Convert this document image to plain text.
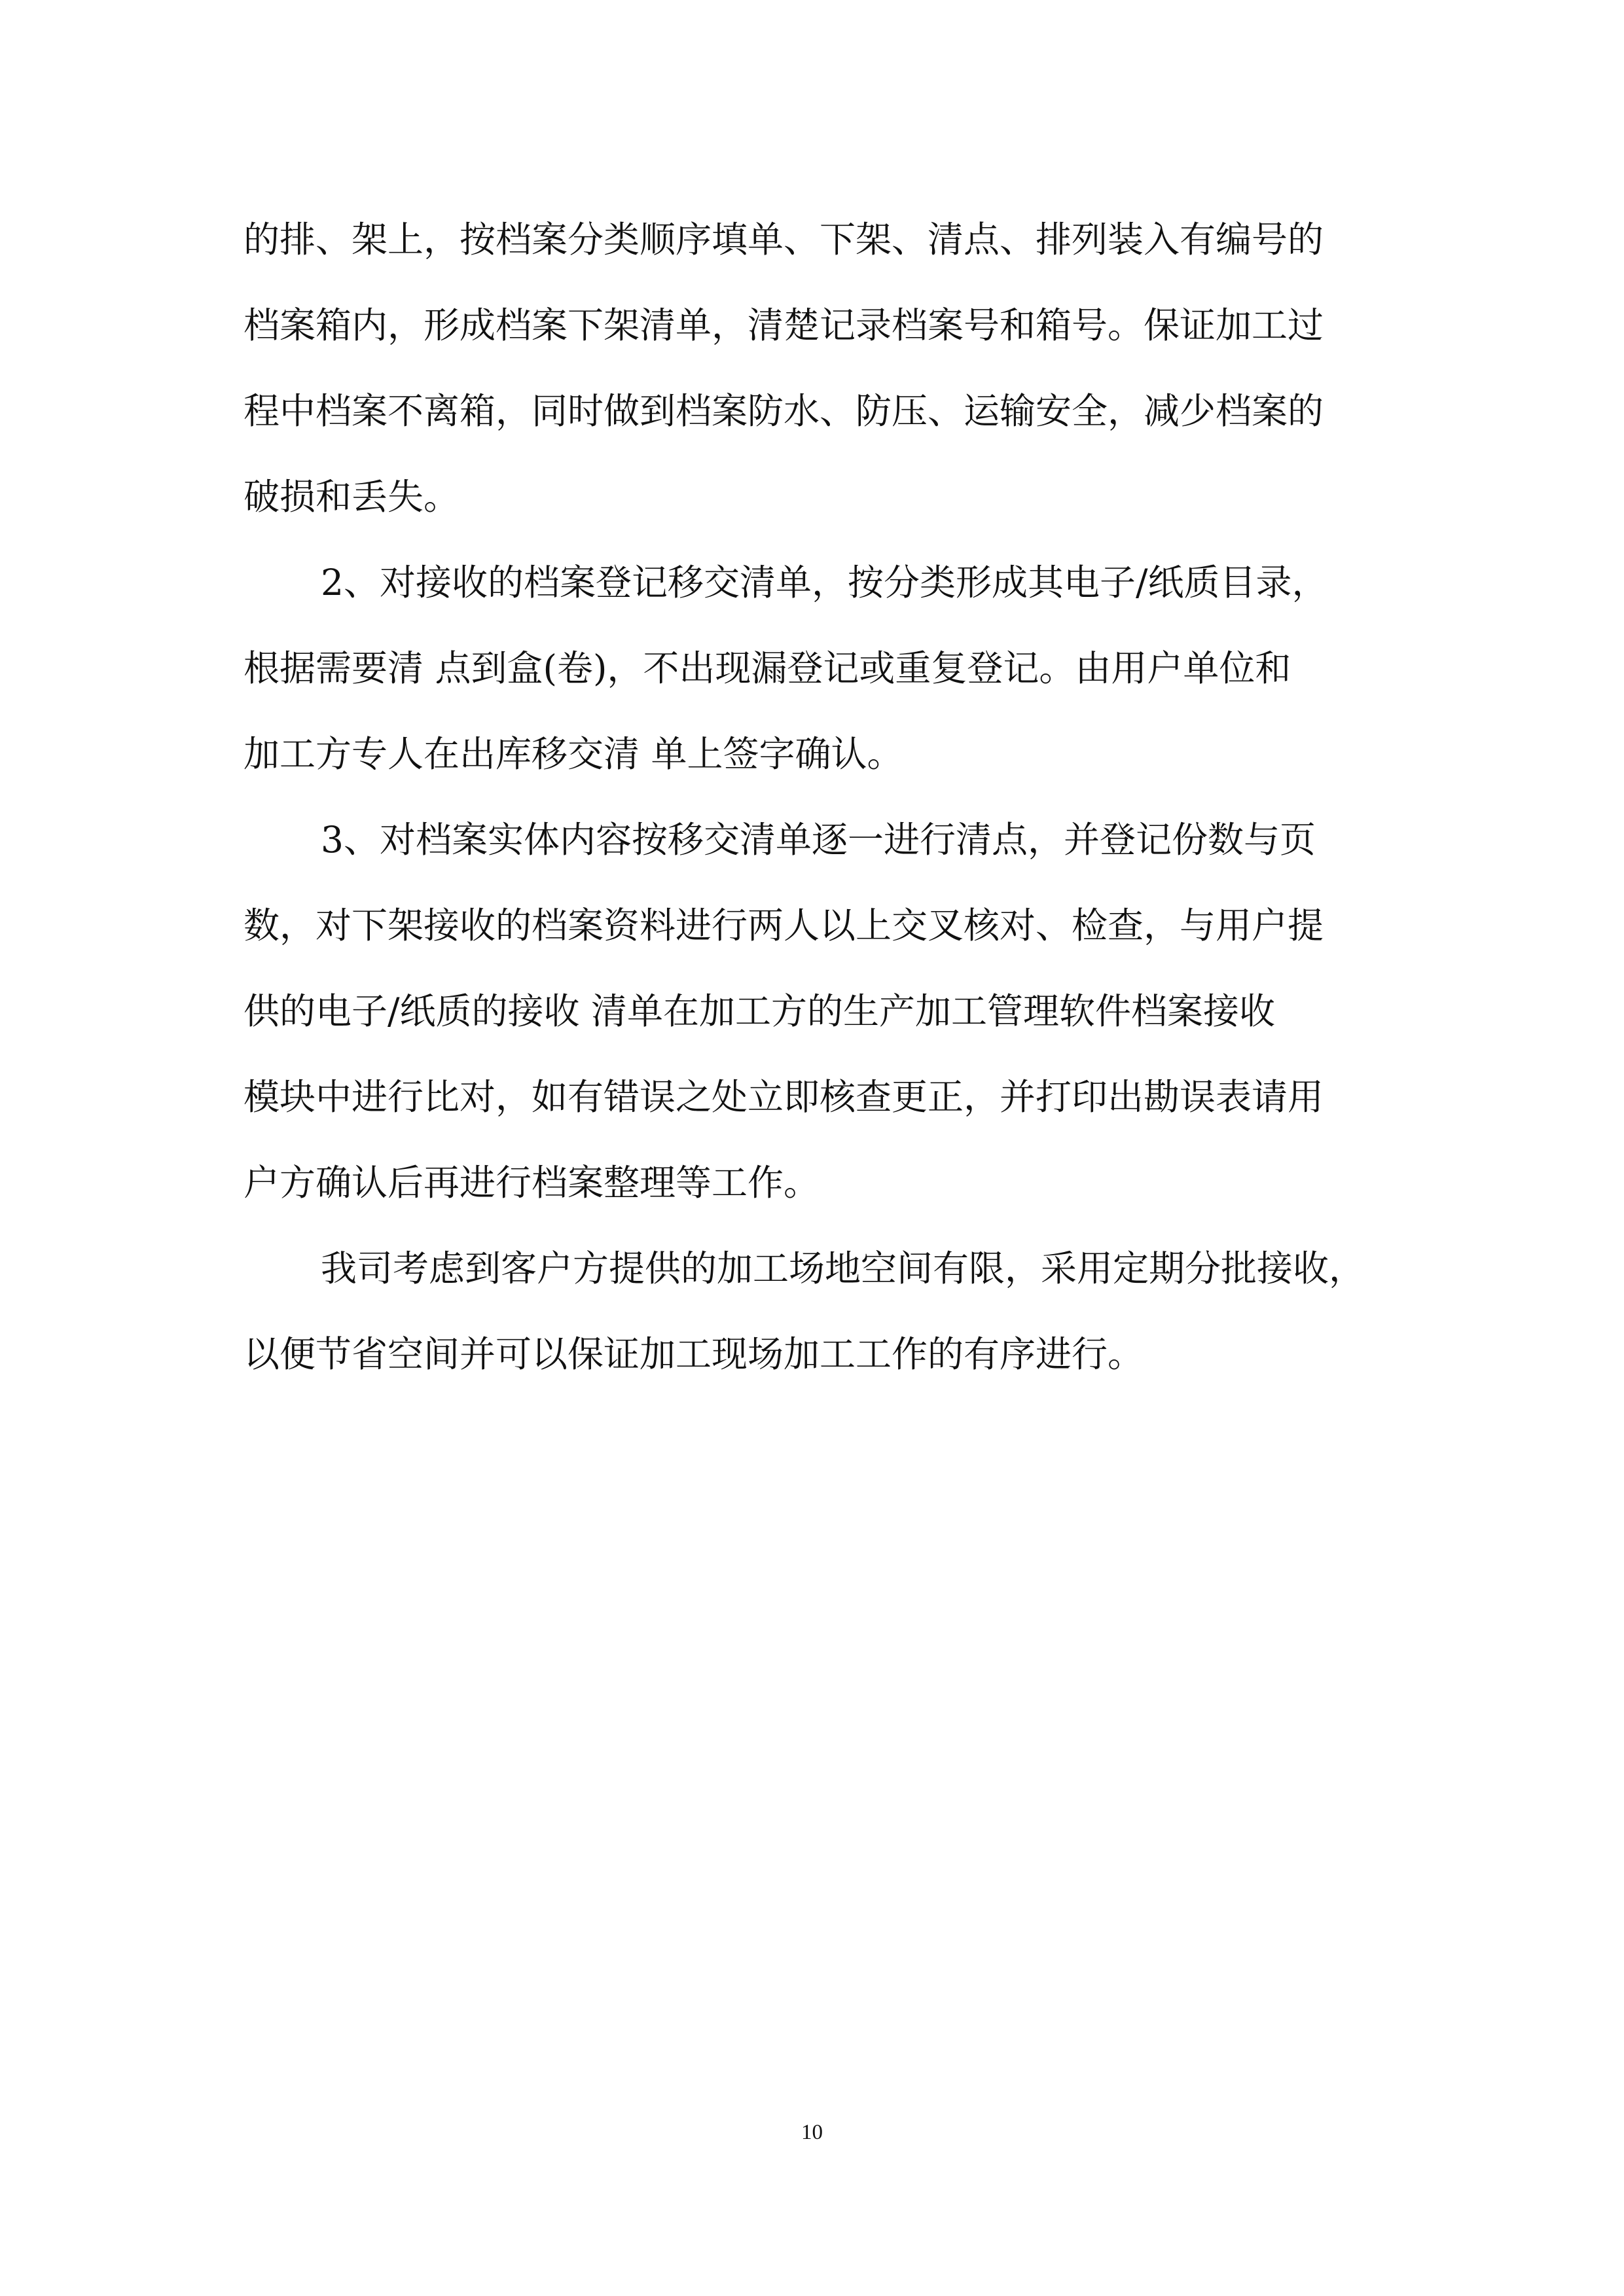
的排、架上，按档案分类顺序填单、下架、清点、排列装入有编号的
档案箱内，形成档案下架清单，清楚记录档案号和箱号。保证加工过
程中档案不离箱，同时做到档案防水、防压、运输安全，减少档案的
破损和丢失。
2、对接收的档案登记移交清单，按分类形成其电子/纸质目录，
根据需要清 点到盒(卷)，不出现漏登记或重复登记。由用户单位和
加工方专人在出库移交清 单上签字确认。
3、对档案实体内容按移交清单逐一进行清点，并登记份数与页
数，对下架接收的档案资料进行两人以上交叉核对、检查，与用户提
供的电子/纸质的接收 清单在加工方的生产加工管理软件档案接收
模块中进行比对，如有错误之处立即核查更正，并打印出勘误表请用
户方确认后再进行档案整理等工作。
我司考虑到客户方提供的加工场地空间有限，采用定期分批接收，
以便节省空间并可以保证加工现场加工工作的有序进行。
10
